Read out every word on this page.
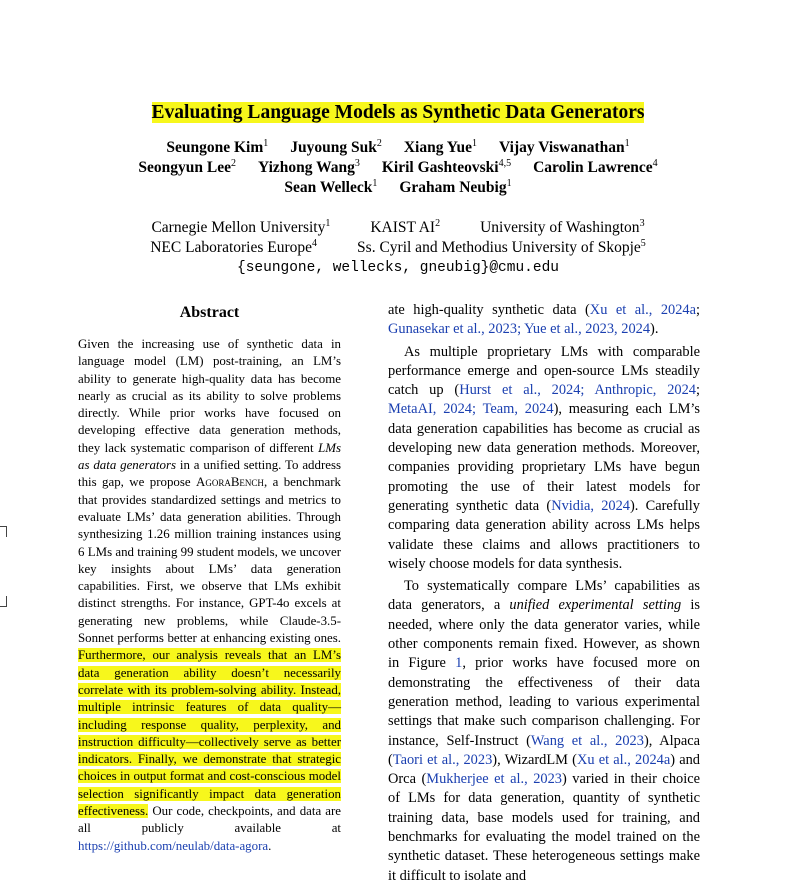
Evaluating Language Models as Synthetic Data Generators
Seungone Kim$^1$ Juyoung Suk$^2$ Xiang Yue$^1$ Vijay Viswanathan$^1$
Seongyun Lee$^2$ Yizhong Wang$^3$ Kiril Gashteovski$^{4,5}$ Carolin Lawrence$^4$
Sean Welleck$^1$ Graham Neubig$^1$
Carnegie Mellon University$^1$	KAIST $AI^2$	University of Washington$^3$
NEC Laboratories Europe$^4$	Ss. Cyril and Methodius University of Skopje$^5$
{seungone, wellecks, gneubig}@cmu.edu
Abstract
Given the increasing use of synthetic data in language model (LM) post-training, an LM’s ability to generate high-quality data has become nearly as crucial as its ability to solve problems directly. While prior works have focused on developing effective data generation methods, they lack systematic comparison of different LMs as data generators in a unified setting. To address this gap, we propose AgoraBench, a benchmark that provides standardized settings and metrics to evaluate LMs’ data generation abilities. Through synthesizing 1.26 million training instances using 6 LMs and training 99 student models, we uncover key insights about LMs’ data generation capabilities. First, we observe that LMs exhibit distinct strengths. For instance, GPT-4o excels at generating new problems, while Claude-3.5-Sonnet performs better at enhancing existing ones. Furthermore, our analysis reveals that an LM’s data generation ability doesn’t necessarily correlate with its problem-solving ability. Instead, multiple intrinsic features of data quality—including response quality, perplexity, and instruction difficulty—collectively serve as better indicators. Finally, we demonstrate that strategic choices in output format and cost-conscious model selection significantly impact data generation effectiveness. Our code, checkpoints, and data are all publicly available at https://github.com/neulab/data-agora.

ate high-quality synthetic data (Xu et al., 2024a; Gunasekar et al., 2023; Yue et al., 2023, 2024).

As multiple proprietary LMs with comparable performance emerge and open-source LMs steadily catch up (Hurst et al., 2024; Anthropic, 2024; MetaAI, 2024; Team, 2024), measuring each LM’s data generation capabilities has become as crucial as developing new data generation methods. Moreover, companies providing proprietary LMs have begun promoting the use of their latest models for generating synthetic data (Nvidia, 2024). Carefully comparing data generation ability across LMs helps validate these claims and allows practitioners to wisely choose models for data synthesis.

To systematically compare LMs’ capabilities as data generators, a unified experimental setting is needed, where only the data generator varies, while other components remain fixed. However, as shown in Figure 1, prior works have focused more on demonstrating the effectiveness of their data generation method, leading to various experimental settings that make such comparison challenging. For instance, Self-Instruct (Wang et al., 2023), Alpaca (Taori et al., 2023), WizardLM (Xu et al., 2024a) and Orca (Mukherjee et al., 2023) varied in their choice of LMs for data generation, quantity of synthetic training data, base models used for training, and benchmarks for evaluating the model trained on the synthetic dataset. These heterogeneous settings make it difficult to isolate and
